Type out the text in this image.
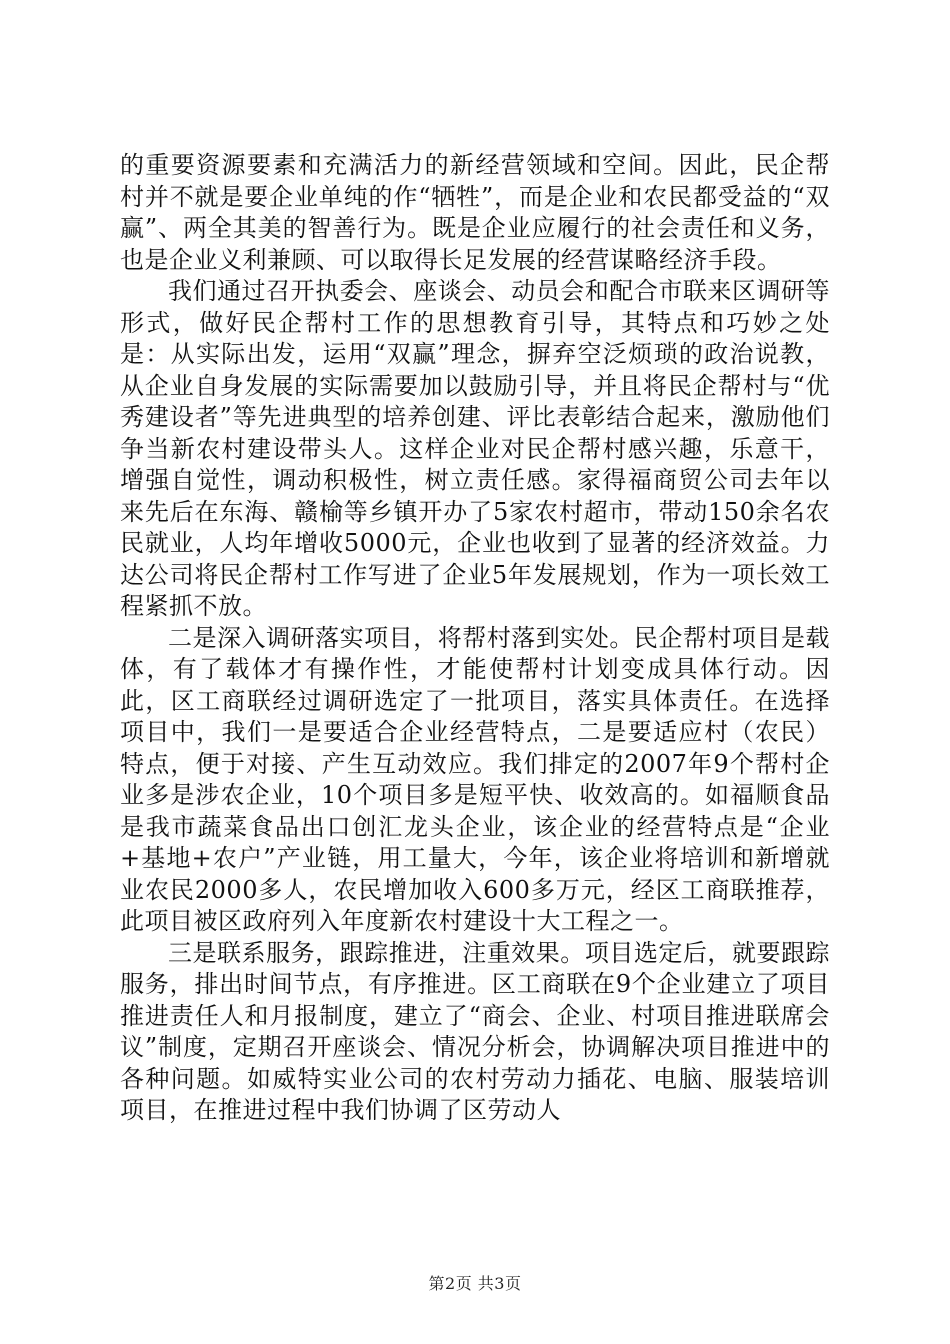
的重要资源要素和充满活力的新经营领域和空间。因此，民企帮村并不就是要企业单纯的作“牺牲”，而是企业和农民都受益的“双赢”、两全其美的智善行为。既是企业应履行的社会责任和义务，也是企业义利兼顾、可以取得长足发展的经营谋略经济手段。

我们通过召开执委会、座谈会、动员会和配合市联来区调研等形式，做好民企帮村工作的思想教育引导，其特点和巧妙之处是：从实际出发，运用“双赢”理念，摒弃空泛烦琐的政治说教，从企业自身发展的实际需要加以鼓励引导，并且将民企帮村与“优秀建设者”等先进典型的培养创建、评比表彰结合起来，激励他们争当新农村建设带头人。这样企业对民企帮村感兴趣，乐意干，增强自觉性，调动积极性，树立责任感。家得福商贸公司去年以来先后在东海、赣榆等乡镇开办了5家农村超市，带动150余名农民就业，人均年增收5000元，企业也收到了显著的经济效益。力达公司将民企帮村工作写进了企业5年发展规划，作为一项长效工程紧抓不放。

二是深入调研落实项目，将帮村落到实处。民企帮村项目是载体，有了载体才有操作性，才能使帮村计划变成具体行动。因此，区工商联经过调研选定了一批项目，落实具体责任。在选择项目中，我们一是要适合企业经营特点，二是要适应村（农民）特点，便于对接、产生互动效应。我们排定的2007年9个帮村企业多是涉农企业，10个项目多是短平快、收效高的。如福顺食品是我市蔬菜食品出口创汇龙头企业，该企业的经营特点是“企业+基地+农户”产业链，用工量大，今年，该企业将培训和新增就业农民2000多人，农民增加收入600多万元，经区工商联推荐，此项目被区政府列入年度新农村建设十大工程之一。

三是联系服务，跟踪推进，注重效果。项目选定后，就要跟踪服务，排出时间节点，有序推进。区工商联在9个企业建立了项目推进责任人和月报制度，建立了“商会、企业、村项目推进联席会议”制度，定期召开座谈会、情况分析会，协调解决项目推进中的各种问题。如威特实业公司的农村劳动力插花、电脑、服装培训项目，在推进过程中我们协调了区劳动人

第2页 共3页
